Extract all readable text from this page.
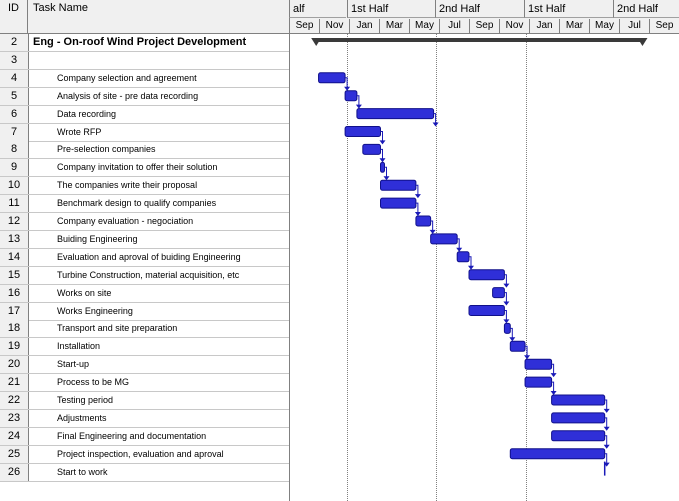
ID	Task Name
2	Eng - On-roof Wind Project Development
3
4	Company selection and agreement
5	Analysis of site - pre data recording
6	Data recording
7	Wrote RFP
8	Pre-selection companies
9	Company invitation to offer their solution
10	The companies write their proposal
11	Benchmark design to qualify companies
12	Company evaluation - negociation
13	Buiding Engineering
14	Evaluation and aproval of buiding Engineering
15	Turbine Construction, material acquisition, etc
16	Works on site
17	Works Engineering
18	Transport and site preparation
19	Installation
20	Start-up
21	Process to be MG
22	Testing period
23	Adjustments
24	Final Engineering and documentation
25	Project inspection, evaluation and aproval
26	Start to work
alf	1st Half	2nd Half	1st Half	2nd Half
Sep	Nov	Jan	Mar	May	Jul	Sep	Nov	Jan	Mar	May	Jul	Sep
